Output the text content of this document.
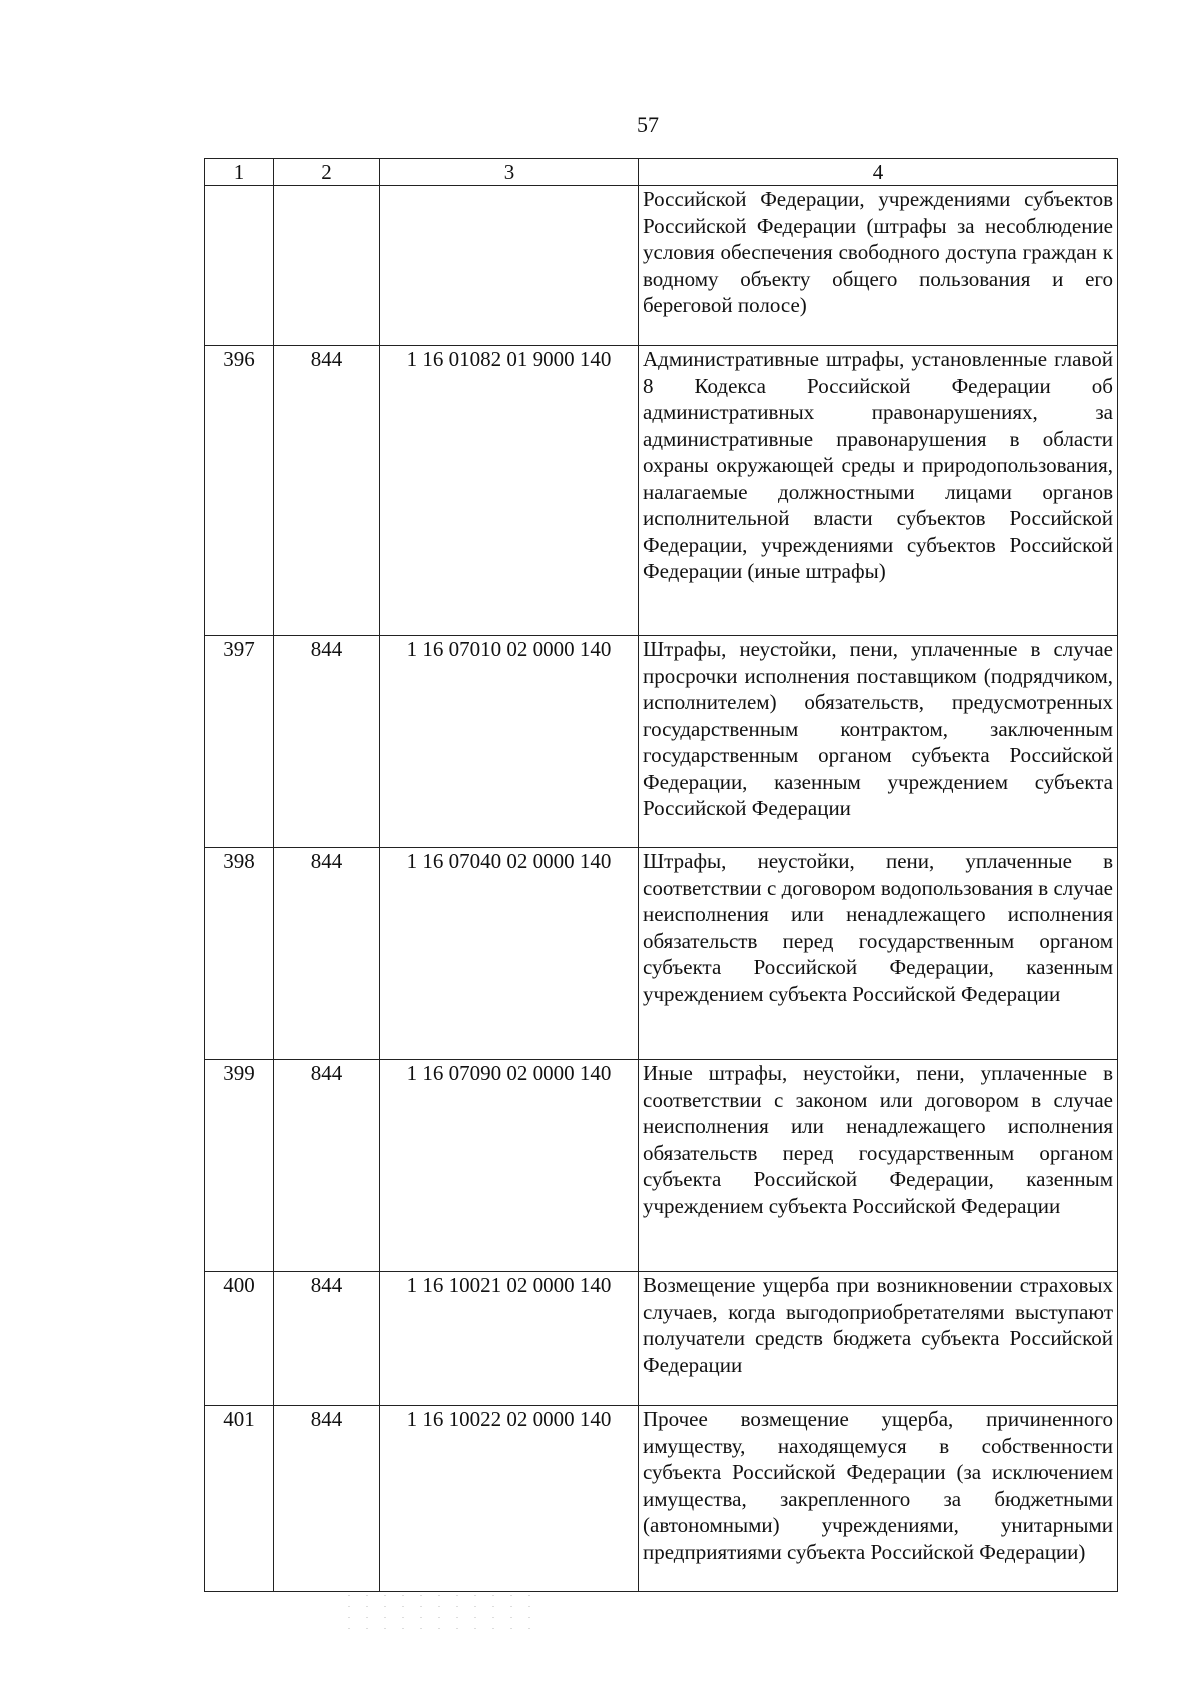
57
1	2	3	4
			Российской Федерации, учреждениями субъектов Российской Федерации (штрафы за несоблюдение условия обеспечения свободного доступа граждан к водному объекту общего пользования и его береговой полосе)
396	844	1 16 01082 01 9000 140	Административные штрафы, установленные главой 8 Кодекса Российской Федерации об административных правонарушениях, за административные правонарушения в области охраны окружающей среды и природопользования, налагаемые должностными лицами органов исполнительной власти субъектов Российской Федерации, учреждениями субъектов Российской Федерации (иные штрафы)
397	844	1 16 07010 02 0000 140	Штрафы, неустойки, пени, уплаченные в случае просрочки исполнения поставщиком (подрядчиком, исполнителем) обязательств, предусмотренных государственным контрактом, заключенным государственным органом субъекта Российской Федерации, казенным учреждением субъекта Российской Федерации
398	844	1 16 07040 02 0000 140	Штрафы, неустойки, пени, уплаченные в соответствии с договором водопользования в случае неисполнения или ненадлежащего исполнения обязательств перед государственным органом субъекта Российской Федерации, казенным учреждением субъекта Российской Федерации
399	844	1 16 07090 02 0000 140	Иные штрафы, неустойки, пени, уплаченные в соответствии с законом или договором в случае неисполнения или ненадлежащего исполнения обязательств перед государственным органом субъекта Российской Федерации, казенным учреждением субъекта Российской Федерации
400	844	1 16 10021 02 0000 140	Возмещение ущерба при возникновении страховых случаев, когда выгодоприобретателями выступают получатели средств бюджета субъекта Российской Федерации
401	844	1 16 10022 02 0000 140	Прочее возмещение ущерба, причиненного имуществу, находящемуся в собственности субъекта Российской Федерации (за исключением имущества, закрепленного за бюджетными (автономными) учреждениями, унитарными предприятиями субъекта Российской Федерации)
